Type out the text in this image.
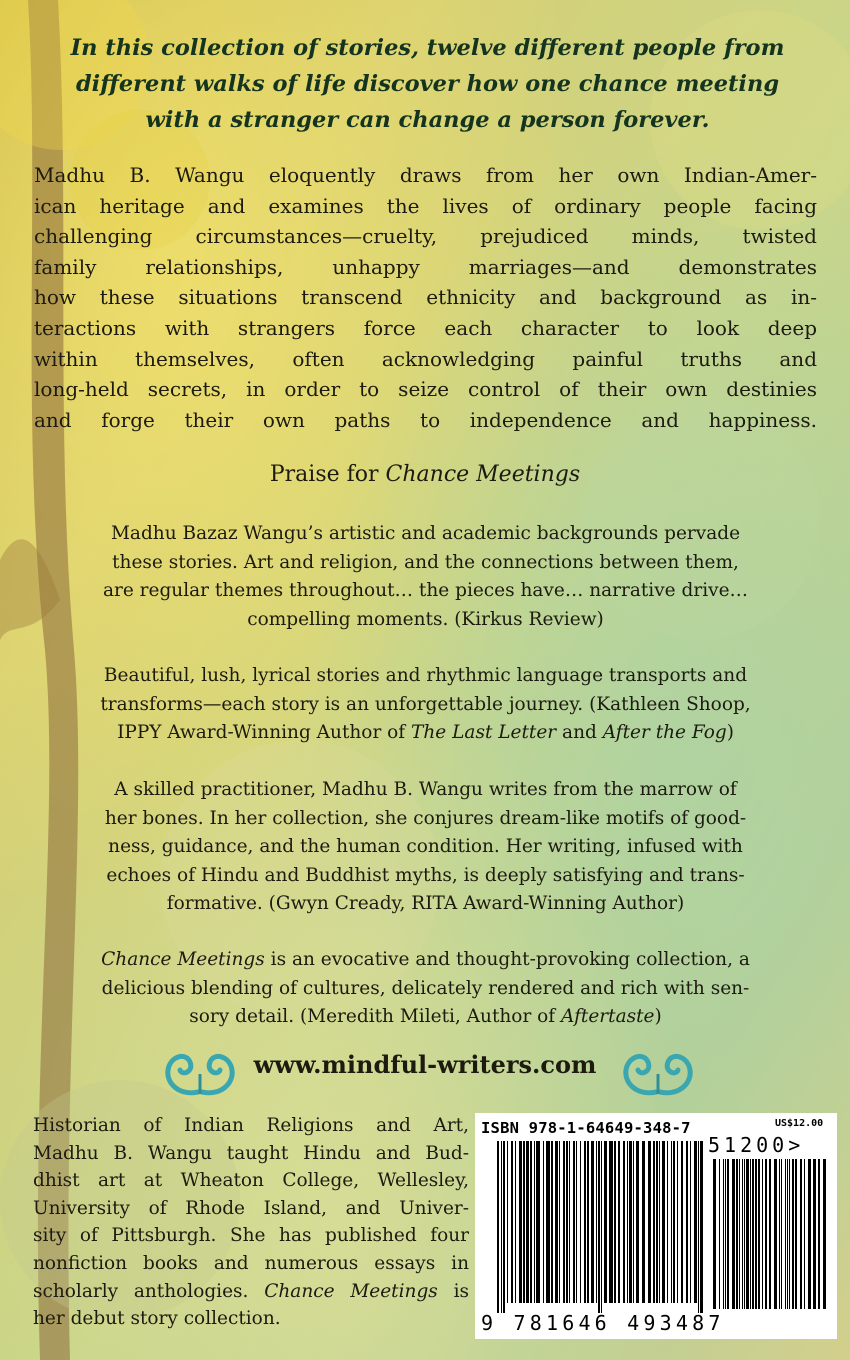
In this collection of stories, twelve different people from
different walks of life discover how one chance meeting
with a stranger can change a person forever.
Madhu B. Wangu eloquently draws from her own Indian-Amer-
ican heritage and examines the lives of ordinary people facing
challenging circumstances—cruelty, prejudiced minds, twisted
family relationships, unhappy marriages—and demonstrates
how these situations transcend ethnicity and background as in-
teractions with strangers force each character to look deep
within themselves, often acknowledging painful truths and
long-held secrets, in order to seize control of their own destinies
and forge their own paths to independence and happiness.
Praise for Chance Meetings
Madhu Bazaz Wangu’s artistic and academic backgrounds pervade
these stories. Art and religion, and the connections between them,
are regular themes throughout… the pieces have… narrative drive…
compelling moments. (Kirkus Review)
Beautiful, lush, lyrical stories and rhythmic language transports and
transforms—each story is an unforgettable journey. (Kathleen Shoop,
IPPY Award-Winning Author of The Last Letter and After the Fog)
A skilled practitioner, Madhu B. Wangu writes from the marrow of
her bones. In her collection, she conjures dream-like motifs of good-
ness, guidance, and the human condition. Her writing, infused with
echoes of Hindu and Buddhist myths, is deeply satisfying and trans-
formative. (Gwyn Cready, RITA Award-Winning Author)
Chance Meetings is an evocative and thought-provoking collection, a
delicious blending of cultures, delicately rendered and rich with sen-
sory detail. (Meredith Mileti, Author of Aftertaste)
www.mindful-writers.com
Historian of Indian Religions and Art,
Madhu B. Wangu taught Hindu and Bud-
dhist art at Wheaton College, Wellesley,
University of Rhode Island, and Univer-
sity of Pittsburgh. She has published four
nonfiction books and numerous essays in
scholarly anthologies. Chance Meetings is
her debut story collection.
ISBN 978-1-64649-348-7	US$12.00
51200>
9 781646 493487
